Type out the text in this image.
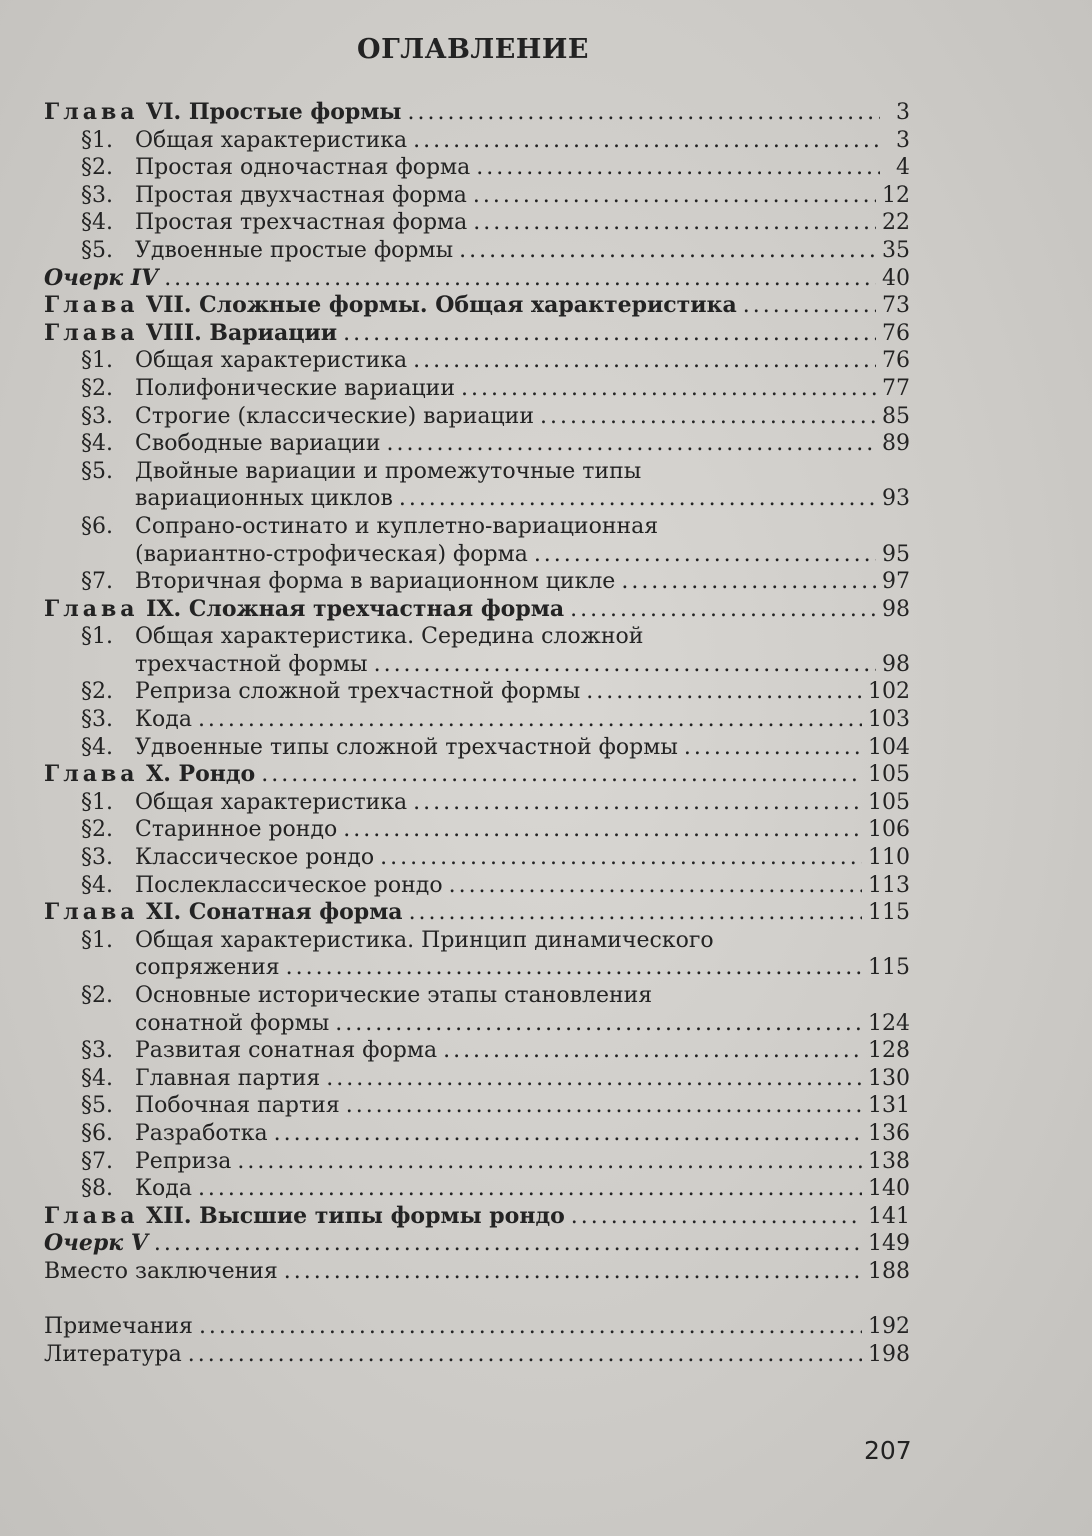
ОГЛАВЛЕНИЕ
Глава VI. Простые формы .....	3
§1.	Общая характеристика .....	3
§2.	Простая одночастная форма .....	4
§3.	Простая двухчастная форма .....	12
§4.	Простая трехчастная форма .....	22
§5.	Удвоенные простые формы .....	35
Очерк IV .....	40
Глава VII. Сложные формы. Общая характеристика .....	73
Глава VIII. Вариации .....	76
§1.	Общая характеристика .....	76
§2.	Полифонические вариации .....	77
§3.	Строгие (классические) вариации .....	85
§4.	Свободные вариации .....	89
§5.	Двойные вариации и промежуточные типы
вариационных циклов .....	93
§6.	Сопрано-остинато и куплетно-вариационная
(вариантно-строфическая) форма .....	95
§7.	Вторичная форма в вариационном цикле .....	97
Глава IX. Сложная трехчастная форма .....	98
§1.	Общая характеристика. Середина сложной
трехчастной формы .....	98
§2.	Реприза сложной трехчастной формы .....	102
§3.	Кода .....	103
§4.	Удвоенные типы сложной трехчастной формы .....	104
Глава X. Рондо .....	105
§1.	Общая характеристика .....	105
§2.	Старинное рондо .....	106
§3.	Классическое рондо .....	110
§4.	Послеклассическое рондо .....	113
Глава XI. Сонатная форма .....	115
§1.	Общая характеристика. Принцип динамического
сопряжения .....	115
§2.	Основные исторические этапы становления
сонатной формы .....	124
§3.	Развитая сонатная форма .....	128
§4.	Главная партия .....	130
§5.	Побочная партия .....	131
§6.	Разработка .....	136
§7.	Реприза .....	138
§8.	Кода .....	140
Глава XII. Высшие типы формы рондо .....	141
Очерк V .....	149
Вместо заключения .....	188
Примечания .....	192
Литература .....	198
207
